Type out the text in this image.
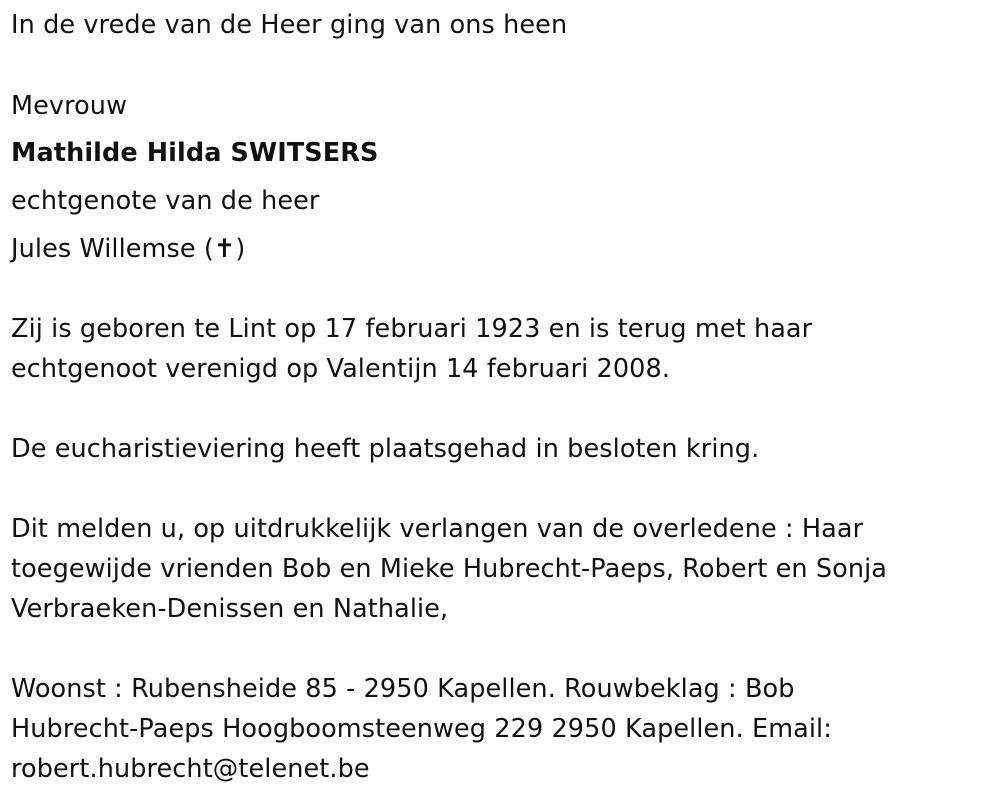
In de vrede van de Heer ging van ons heen
Mevrouw
Mathilde Hilda SWITSERS
echtgenote van de heer
Jules Willemse (✝)
Zij is geboren te Lint op 17 februari 1923 en is terug met haar
echtgenoot verenigd op Valentijn 14 februari 2008.
De eucharistieviering heeft plaatsgehad in besloten kring.
Dit melden u, op uitdrukkelijk verlangen van de overledene : Haar
toegewijde vrienden Bob en Mieke Hubrecht-Paeps, Robert en Sonja
Verbraeken-Denissen en Nathalie,
Woonst : Rubensheide 85 - 2950 Kapellen. Rouwbeklag : Bob
Hubrecht-Paeps Hoogboomsteenweg 229 2950 Kapellen. Email:
robert.hubrecht@telenet.be
